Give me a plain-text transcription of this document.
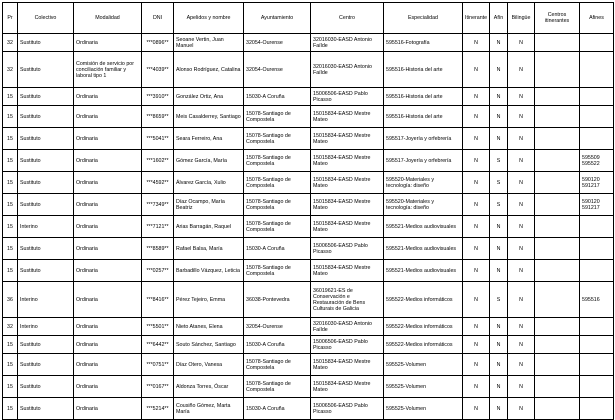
Pr	Colectivo	Modalidad	DNI	Apelidos y nombre	Ayuntamiento	Centro	Especialidad	Itinerante	Afín	Bilingüe	Centros itinerantes	Afines
32	Sustituto	Ordinaria	***0896**	Seoane Vertin, Juan Manuel	32054-Ourense	32016030-EASD Antonio Faílde	595516-Fotografía	N	N	N		
32	Sustituto	Comisión de servicio por conciliación familiar y laboral tipo 1	***4039**	Alonso Rodríguez, Catalina	32054-Ourense	32016030-EASD Antonio Faílde	595516-Historia del arte	N	N	N		
15	Sustituto	Ordinaria	***3910**	González Ortiz, Ana	15030-A Coruña	15006506-EASD Pablo Picasso	595516-Historia del arte	N	N	N		
15	Sustituto	Ordinaria	***8659**	Meis Casalderrey, Santiago	15078-Santiago de Compostela	15015834-EASD Mestre Mateo	595516-Historia del arte	N	N	N		
15	Sustituto	Ordinaria	***5041**	Seara Ferreiro, Ana	15078-Santiago de Compostela	15015834-EASD Mestre Mateo	595517-Joyería y orfebrería	N	N	N		
15	Sustituto	Ordinaria	***1602**	Gómez García, María	15078-Santiago de Compostela	15015834-EASD Mestre Mateo	595517-Joyería y orfebrería	N	S	N		595509 595522
15	Sustituto	Ordinaria	***4592**	Álvarez García, Xulio	15078-Santiago de Compostela	15015834-EASD Mestre Mateo	595520-Materiales y tecnología: diseño	N	S	N		590120 591217
15	Sustituto	Ordinaria	***7349**	Díaz Ocampo, María Beatriz	15078-Santiago de Compostela	15015834-EASD Mestre Mateo	595520-Materiales y tecnología: diseño	N	S	N		590120 591217
15	Interino	Ordinaria	***7121**	Arias Barragán, Raquel	15078-Santiago de Compostela	15015834-EASD Mestre Mateo	595521-Medios audiovisuales	N	N	N		
15	Sustituto	Ordinaria	***8589**	Rafael Balsa, María	15030-A Coruña	15006506-EASD Pablo Picasso	595521-Medios audiovisuales	N	N	N		
15	Sustituto	Ordinaria	***0257**	Barbadillo Vázquez, Leticia	15078-Santiago de Compostela	15015834-EASD Mestre Mateo	595521-Medios audiovisuales	N	N	N		
36	Interino	Ordinaria	***8416**	Pérez Tejeiro, Emma	36038-Pontevedra	36019621-ES de Conservación e Restauración de Bens Culturais de Galicia	595522-Medios informáticos	N	S	N		595516
32	Interino	Ordinaria	***5501**	Nieto Atanes, Elena	32054-Ourense	32016030-EASD Antonio Faílde	595522-Medios informáticos	N	N	N		
15	Sustituto	Ordinaria	***6442**	Souto Sánchez, Santiago	15030-A Coruña	15006506-EASD Pablo Picasso	595522-Medios informáticos	N	N	N		
15	Sustituto	Ordinaria	***0751**	Díaz Otero, Vanesa	15078-Santiago de Compostela	15015834-EASD Mestre Mateo	595525-Volumen	N	N	N		
15	Sustituto	Ordinaria	***0167**	Aldonza Torres, Óscar	15078-Santiago de Compostela	15015834-EASD Mestre Mateo	595525-Volumen	N	N	N		
15	Sustituto	Ordinaria	***5214**	Cousiño Gómez, Marta María	15030-A Coruña	15006506-EASD Pablo Picasso	595525-Volumen	N	N	N		
